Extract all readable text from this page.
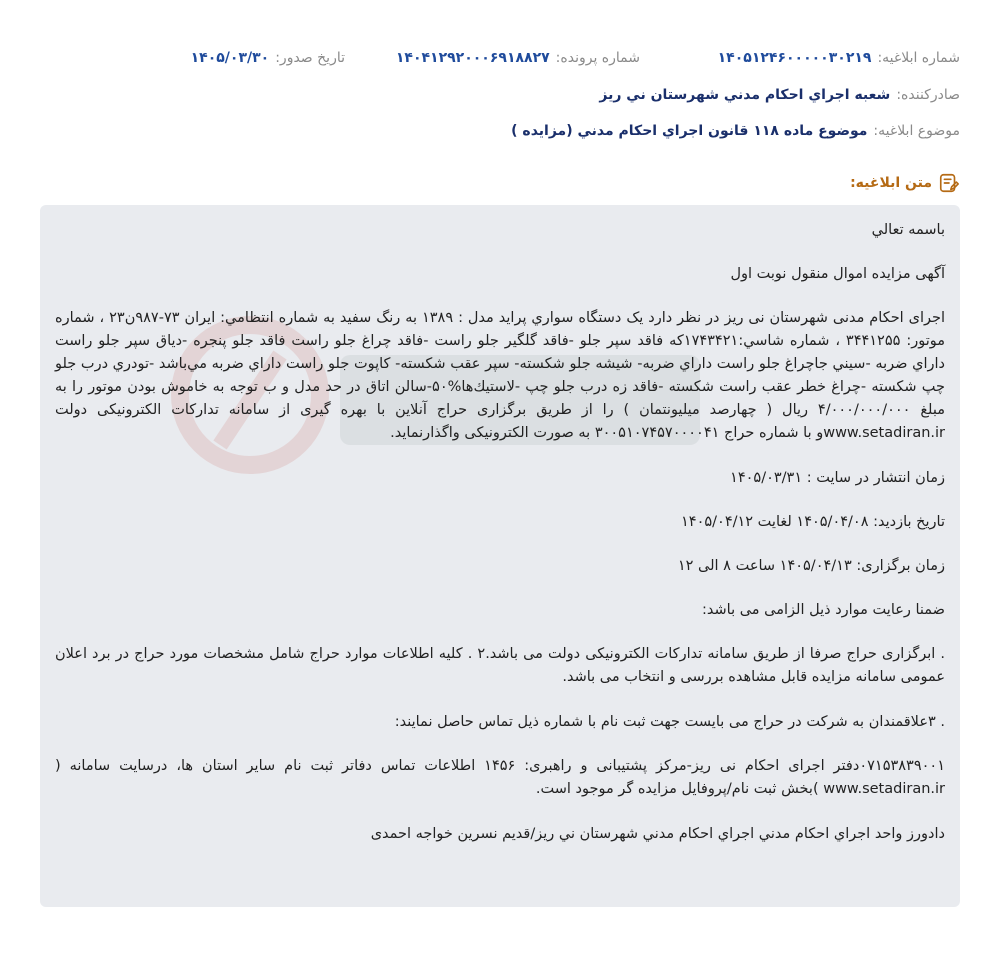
شماره ابلاغيه:
۱۴۰۵۱۲۴۶۰۰۰۰۰۳۰۲۱۹
شماره پرونده:
۱۴۰۴۱۲۹۲۰۰۰۶۹۱۸۸۲۷
تاريخ صدور:
۱۴۰۵/۰۳/۳۰
صادرکننده:
شعبه اجراي احكام مدني شهرستان ني ريز
موضوع ابلاغيه:
موضوع ماده ۱۱۸ قانون اجراي احكام مدني (مزايده )
متن ابلاغيه:

باسمه تعالي

آگهی مزایده اموال منقول نوبت اول

اجرای احکام مدنی شهرستان نی ریز در نظر دارد یک دستگاه سواري پرايد مدل : ۱۳۸۹ به رنگ سفید به شماره انتظامي: ایران ۷۳-۹۸۷ن۲۳ ، شماره موتور: ۳۴۴۱۲۵۵ ، شماره شاسي:۱۷۴۳۴۲۱که فاقد سپر جلو -فاقد گلگير جلو راست -فاقد چراغ جلو راست فاقد جلو پنجره -دياق سپر جلو راست داراي ضربه -سيني جاچراغ جلو راست داراي ضربه- شيشه جلو شكسته- سپر عقب شكسته- كاپوت جلو راست داراي ضربه مي‌باشد -تودري درب جلو چپ شكسته -چراغ خطر عقب راست شكسته -فاقد زه درب جلو چپ -لاستيك‌ها%۵۰-سالن اتاق در حد مدل و ب توجه به خاموش بودن موتور را به مبلغ ۴/۰۰۰/۰۰۰/۰۰۰ ريال ( چهارصد ميليونتمان ) را از طريق برگزاری حراج آنلاين با بهره گيری از سامانه تداركات الكترونيكی دولت www.setadiran.irو با شماره حراج ۳۰۰۵۱۰۷۴۵۷۰۰۰۰۴۱ به صورت الكترونيكی واگذارنمايد.

زمان انتشار در سایت : ۱۴۰۵/۰۳/۳۱

تاریخ بازدید: ۱۴۰۵/۰۴/۰۸ لغایت ۱۴۰۵/۰۴/۱۲

زمان برگزاری: ۱۴۰۵/۰۴/۱۳ ساعت ۸ الی ۱۲

ضمنا رعايت موارد ذيل الزامی می باشد:

. ابرگزاری حراج صرفا از طريق سامانه تداركات الكترونيكی دولت می باشد.۲ . كليه اطلاعات موارد حراج شامل مشخصات مورد حراج در برد اعلان عمومی سامانه مزايده قابل مشاهده بررسی و انتخاب می باشد.

. ۳علاقمندان به شركت در حراج می بايست جهت ثبت نام با شماره ذيل تماس حاصل نمايند:

۰۷۱۵۳۸۳۹۰۰۱دفتر اجرای احکام نی ریز-مرکز پشتیبانی و راهبری: ۱۴۵۶ اطلاعات تماس دفاتر ثبت نام ساير استان ها، درسايت سامانه ( www.setadiran.ir )بخش ثبت نام/پروفايل مزايده گر موجود است.

دادورز واحد اجراي احكام مدني اجراي احكام مدني شهرستان ني ريز/قديم نسرين خواجه احمدی
